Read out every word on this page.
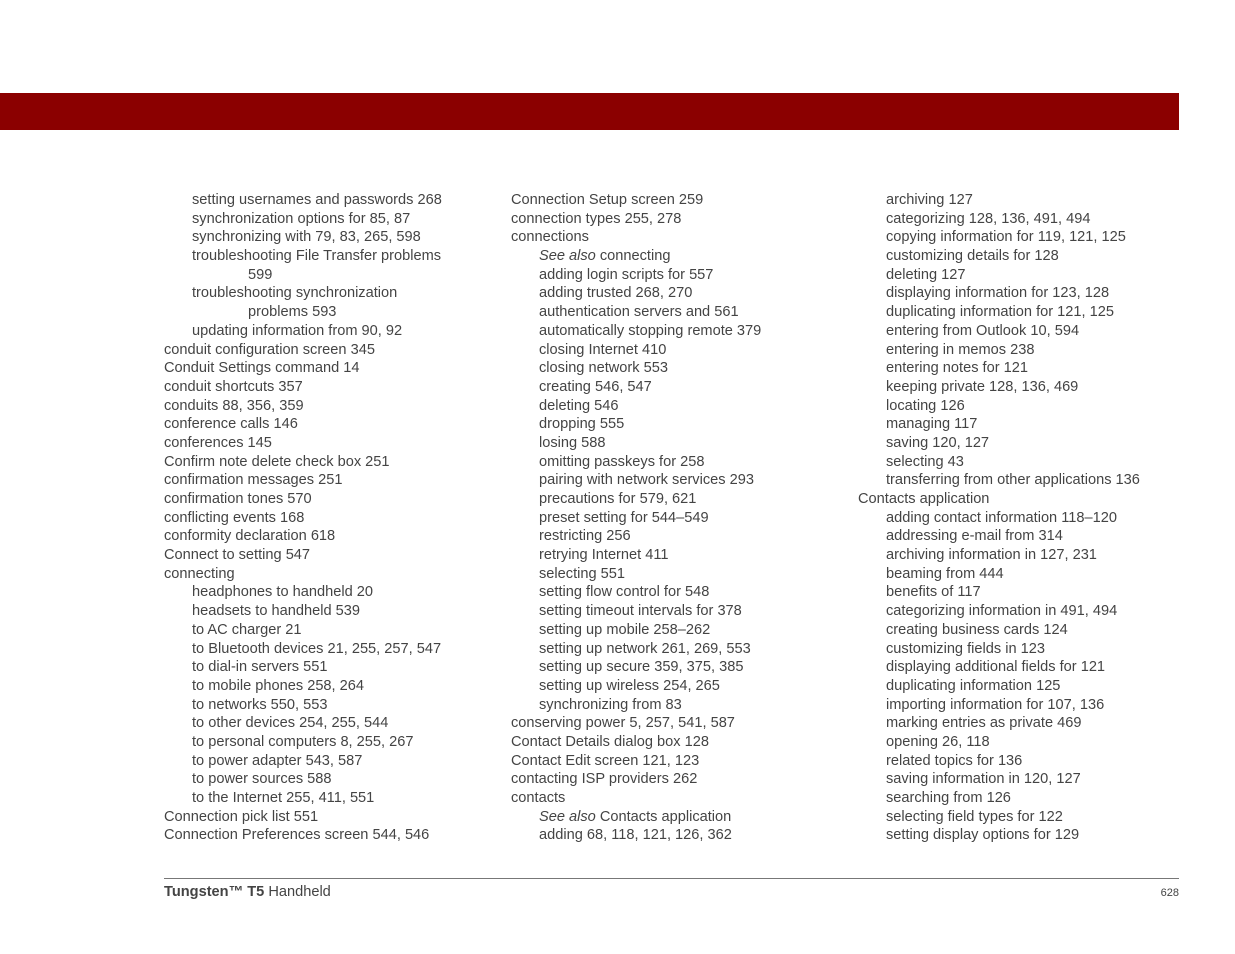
setting usernames and passwords 268
synchronization options for 85, 87
synchronizing with 79, 83, 265, 598
troubleshooting File Transfer problems
599
troubleshooting synchronization
problems 593
updating information from 90, 92
conduit configuration screen 345
Conduit Settings command 14
conduit shortcuts 357
conduits 88, 356, 359
conference calls 146
conferences 145
Confirm note delete check box 251
confirmation messages 251
confirmation tones 570
conflicting events 168
conformity declaration 618
Connect to setting 547
connecting
headphones to handheld 20
headsets to handheld 539
to AC charger 21
to Bluetooth devices 21, 255, 257, 547
to dial-in servers 551
to mobile phones 258, 264
to networks 550, 553
to other devices 254, 255, 544
to personal computers 8, 255, 267
to power adapter 543, 587
to power sources 588
to the Internet 255, 411, 551
Connection pick list 551
Connection Preferences screen 544, 546
Connection Setup screen 259
connection types 255, 278
connections
See also connecting
adding login scripts for 557
adding trusted 268, 270
authentication servers and 561
automatically stopping remote 379
closing Internet 410
closing network 553
creating 546, 547
deleting 546
dropping 555
losing 588
omitting passkeys for 258
pairing with network services 293
precautions for 579, 621
preset setting for 544–549
restricting 256
retrying Internet 411
selecting 551
setting flow control for 548
setting timeout intervals for 378
setting up mobile 258–262
setting up network 261, 269, 553
setting up secure 359, 375, 385
setting up wireless 254, 265
synchronizing from 83
conserving power 5, 257, 541, 587
Contact Details dialog box 128
Contact Edit screen 121, 123
contacting ISP providers 262
contacts
See also Contacts application
adding 68, 118, 121, 126, 362
archiving 127
categorizing 128, 136, 491, 494
copying information for 119, 121, 125
customizing details for 128
deleting 127
displaying information for 123, 128
duplicating information for 121, 125
entering from Outlook 10, 594
entering in memos 238
entering notes for 121
keeping private 128, 136, 469
locating 126
managing 117
saving 120, 127
selecting 43
transferring from other applications 136
Contacts application
adding contact information 118–120
addressing e-mail from 314
archiving information in 127, 231
beaming from 444
benefits of 117
categorizing information in 491, 494
creating business cards 124
customizing fields in 123
displaying additional fields for 121
duplicating information 125
importing information for 107, 136
marking entries as private 469
opening 26, 118
related topics for 136
saving information in 120, 127
searching from 126
selecting field types for 122
setting display options for 129
Tungsten™ T5 Handheld	628
